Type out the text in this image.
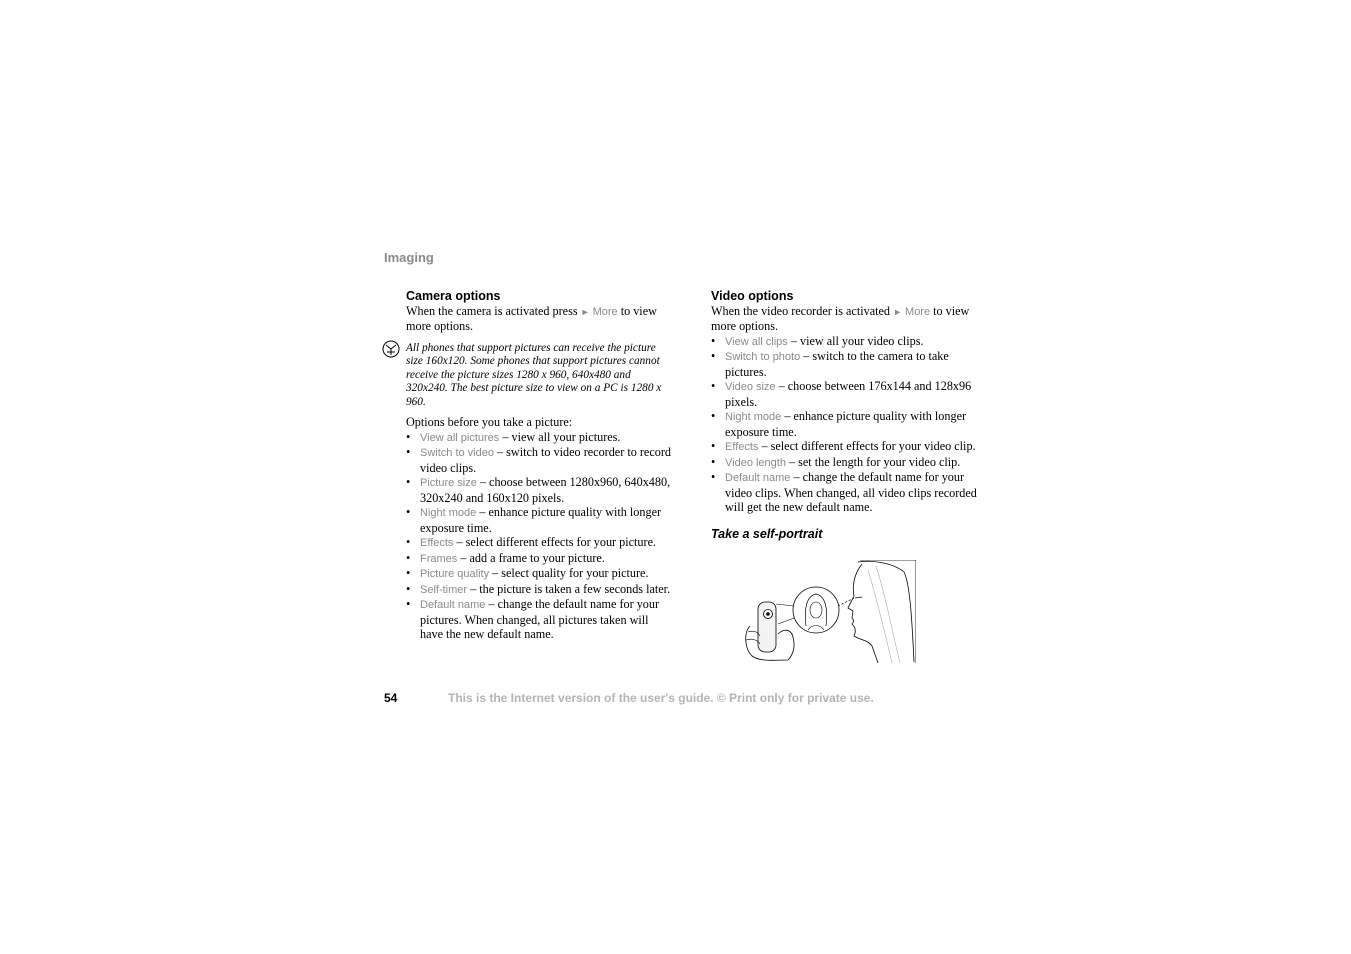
Imaging
Camera options

When the camera is activated press ► More to view more options.

All phones that support pictures can receive the picture size 160x120. Some phones that support pictures cannot receive the picture sizes 1280 x 960, 640x480 and 320x240. The best picture size to view on a PC is 1280 x 960.

Options before you take a picture:

• View all pictures – view all your pictures.
• Switch to video – switch to video recorder to record video clips.
• Picture size – choose between 1280x960, 640x480, 320x240 and 160x120 pixels.
• Night mode – enhance picture quality with longer exposure time.
• Effects – select different effects for your picture.
• Frames – add a frame to your picture.
• Picture quality – select quality for your picture.
• Self-timer – the picture is taken a few seconds later.
• Default name – change the default name for your pictures. When changed, all pictures taken will have the new default name.
Video options

When the video recorder is activated ► More to view more options.

• View all clips – view all your video clips.
• Switch to photo – switch to the camera to take pictures.
• Video size – choose between 176x144 and 128x96 pixels.
• Night mode – enhance picture quality with longer exposure time.
• Effects – select different effects for your video clip.
• Video length – set the length for your video clip.
• Default name – change the default name for your video clips. When changed, all video clips recorded will get the new default name.
Take a self-portrait
54	This is the Internet version of the user's guide. © Print only for private use.
